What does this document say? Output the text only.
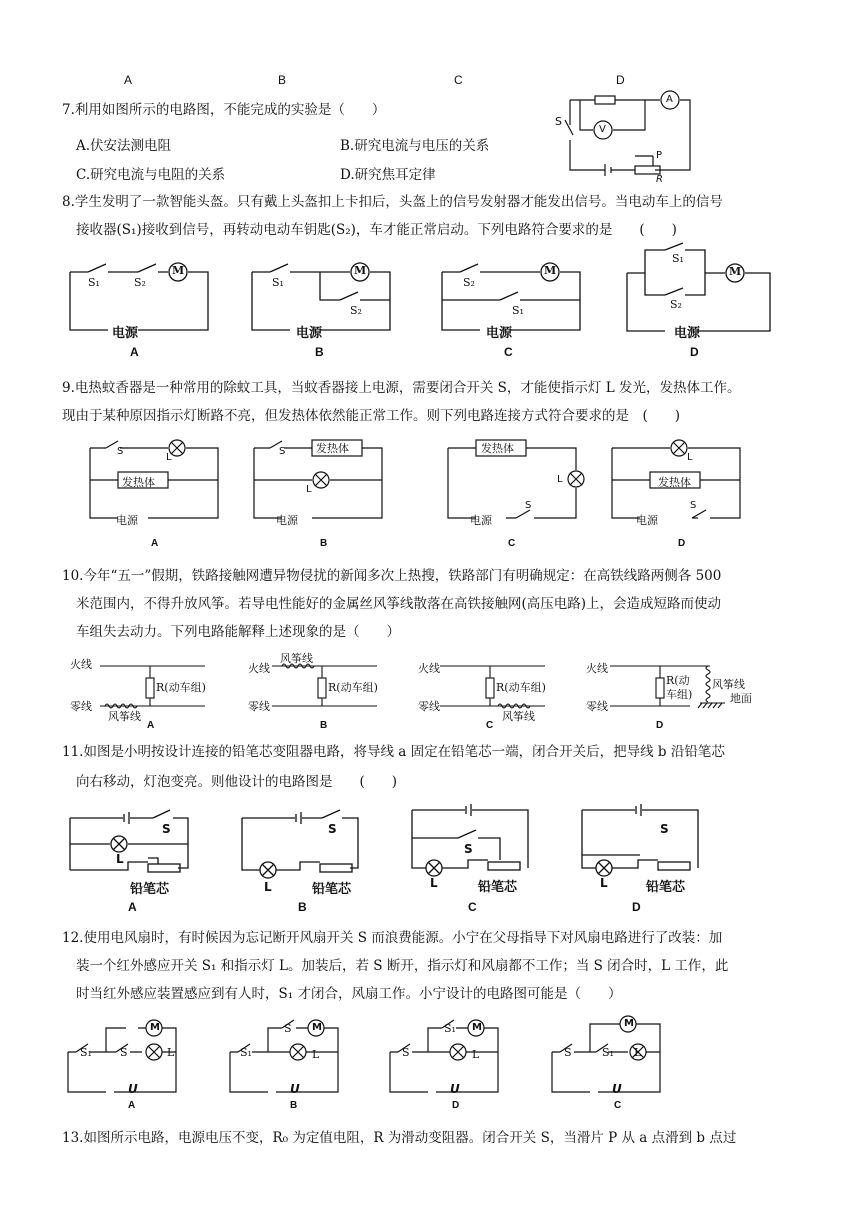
A	B	C	D
7.利用如图所示的电路图，不能完成的实验是（　　）
A.伏安法测电阻	B.研究电流与电压的关系
C.研究电流与电阻的关系	D.研究焦耳定律
S
A
V
P
R
8.学生发明了一款智能头盔。只有戴上头盔扣上卡扣后，头盔上的信号发射器才能发出信号。当电动车上的信号
接收器(S₁)接收到信号，再转动电动车钥匙(S₂)，车才能正常启动。下列电路符合要求的是　　(　　)
M
S₁	S₂
电源
A
M
S₁
S₂
电源
B
M
S₂
S₁
电源
C
M
S₁
S₂
电源
D
9.电热蚊香器是一种常用的除蚊工具，当蚊香器接上电源，需要闭合开关 S，才能使指示灯 L 发光，发热体工作。
现由于某种原因指示灯断路不亮，但发热体依然能正常工作。则下列电路连接方式符合要求的是　(　　)
S
L
发热体
电源
A
S	发热体
L
电源
B
发热体
L
S
电源
C
L
发热体
S
电源
D
10.今年“五一”假期，铁路接触网遭异物侵扰的新闻多次上热搜，铁路部门有明确规定：在高铁线路两侧各 500
米范围内，不得升放风筝。若导电性能好的金属丝风筝线散落在高铁接触网(高压电路)上，会造成短路而使动
车组失去动力。下列电路能解释上述现象的是（　　）
火线
零线
风筝线
R(动车组)
A
火线
风筝线
零线
R(动车组)
B
火线
零线
R(动车组)
风筝线
C
火线
零线
R(动
车组)
风筝线
地面
D
11.如图是小明按设计连接的铅笔芯变阻器电路，将导线 a 固定在铅笔芯一端，闭合开关后，把导线 b 沿铅笔芯
向右移动，灯泡变亮。则他设计的电路图是　　(　　)
S
L
铅笔芯
A
S
L	铅笔芯
B
S
L	铅笔芯
C
S
L	铅笔芯
D
12.使用电风扇时，有时候因为忘记断开风扇开关 S 而浪费能源。小宁在父母指导下对风扇电路进行了改装：加
装一个红外感应开关 S₁ 和指示灯 L。加装后，若 S 断开，指示灯和风扇都不工作；当 S 闭合时，L 工作，此
时当红外感应装置感应到有人时，S₁ 才闭合，风扇工作。小宁设计的电路图可能是（　　）
M
S₁	S	L
U
A
M
S₁
S
L
U
B
M
S
S₁
L
U
D
M
S	S₁ L
U
C
13.如图所示电路，电源电压不变，R₀ 为定值电阻，R 为滑动变阻器。闭合开关 S，当滑片 P 从 a 点滑到 b 点过
